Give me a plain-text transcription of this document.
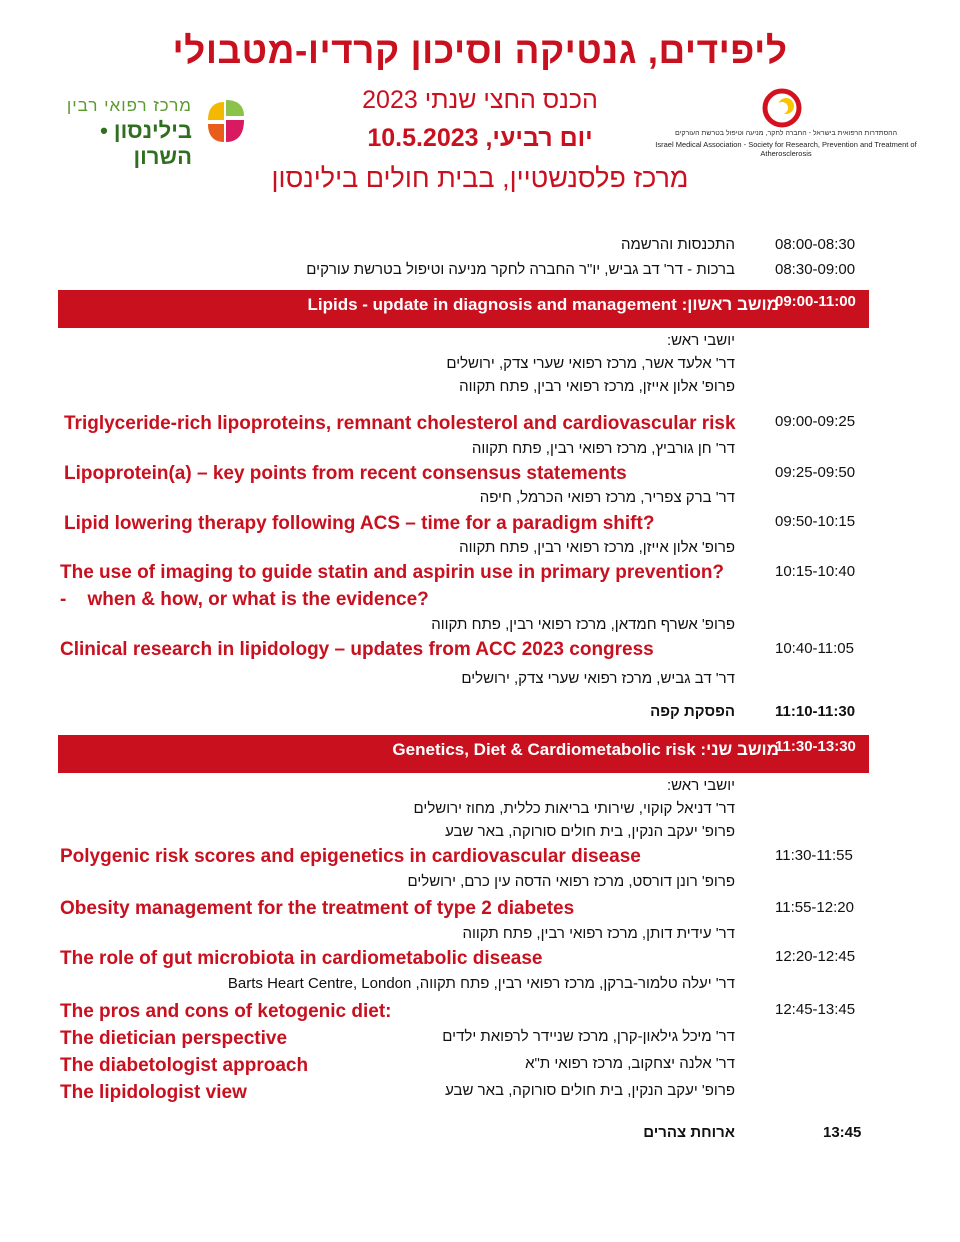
ליפידים, גנטיקה וסיכון קרדיו-מטבולי
הכנס החצי שנתי 2023
יום רביעי, 10.5.2023
מרכז פלסנשטיין, בבית חולים בילינסון
מרכז רפואי רבין
בילינסון • השרון
ההסתדרות הרפואית בישראל - החברה לחקר, מניעה וטיפול בטרשת העורקים
Israel Medical Association - Society for Research, Prevention and Treatment of Atherosclerosis
08:00-08:30
התכנסות והרשמה
08:30-09:00
ברכות - דר' דב גביש, יו"ר החברה לחקר מניעה וטיפול בטרשת עורקים
מושב ראשון: Lipids - update in diagnosis and management	09:00-11:00
יושבי ראש:
דר' אלעד אשר, מרכז רפואי שערי צדק, ירושלים
פרופ' אלון אייזן, מרכז רפואי רבין, פתח תקווה
09:00-09:25
Triglyceride-rich lipoproteins, remnant cholesterol and cardiovascular risk
דר' חן גורביץ, מרכז רפואי רבין, פתח תקווה
09:25-09:50
Lipoprotein(a) – key points from recent consensus statements
דר' ברק צפריר, מרכז רפואי הכרמל, חיפה
09:50-10:15
Lipid lowering therapy following ACS – time for a paradigm shift?
פרופ' אלון אייזן, מרכז רפואי רבין, פתח תקווה
10:15-10:40
The use of imaging to guide statin and aspirin use in primary prevention?
-    when & how, or what is the evidence?
פרופ' אשרף חמדאן, מרכז רפואי רבין, פתח תקווה
10:40-11:05
Clinical research in lipidology – updates from ACC 2023 congress
דר' דב גביש, מרכז רפואי שערי צדק, ירושלים
11:10-11:30
הפסקת קפה
מושב שני: Genetics, Diet & Cardiometabolic risk	11:30-13:30
יושבי ראש:
דר' דניאל קוקוי, שירותי בריאות כללית, מחוז ירושלים
פרופ' יעקב הנקין, בית חולים סורוקה, באר שבע
11:30-11:55
Polygenic risk scores and epigenetics in cardiovascular disease
פרופ' רונן דורסט, מרכז רפואי הדסה עין כרם, ירושלים
11:55-12:20
Obesity management for the treatment of type 2 diabetes
דר' עידית דותן, מרכז רפואי רבין, פתח תקווה
12:20-12:45
The role of gut microbiota in cardiometabolic disease
דר' יעלה טלמור-ברקן, מרכז רפואי רבין, פתח תקווה, Barts Heart Centre, London
12:45-13:45
The pros and cons of ketogenic diet:
The dietician perspective	דר' מיכל גילאון-קרן, מרכז שניידר לרפואת ילדים
The diabetologist approach	דר' אלנה יצחקוב, מרכז רפואי ת"א
The lipidologist view	פרופ' יעקב הנקין, בית חולים סורוקה, באר שבע
13:45
ארוחת צהרים
